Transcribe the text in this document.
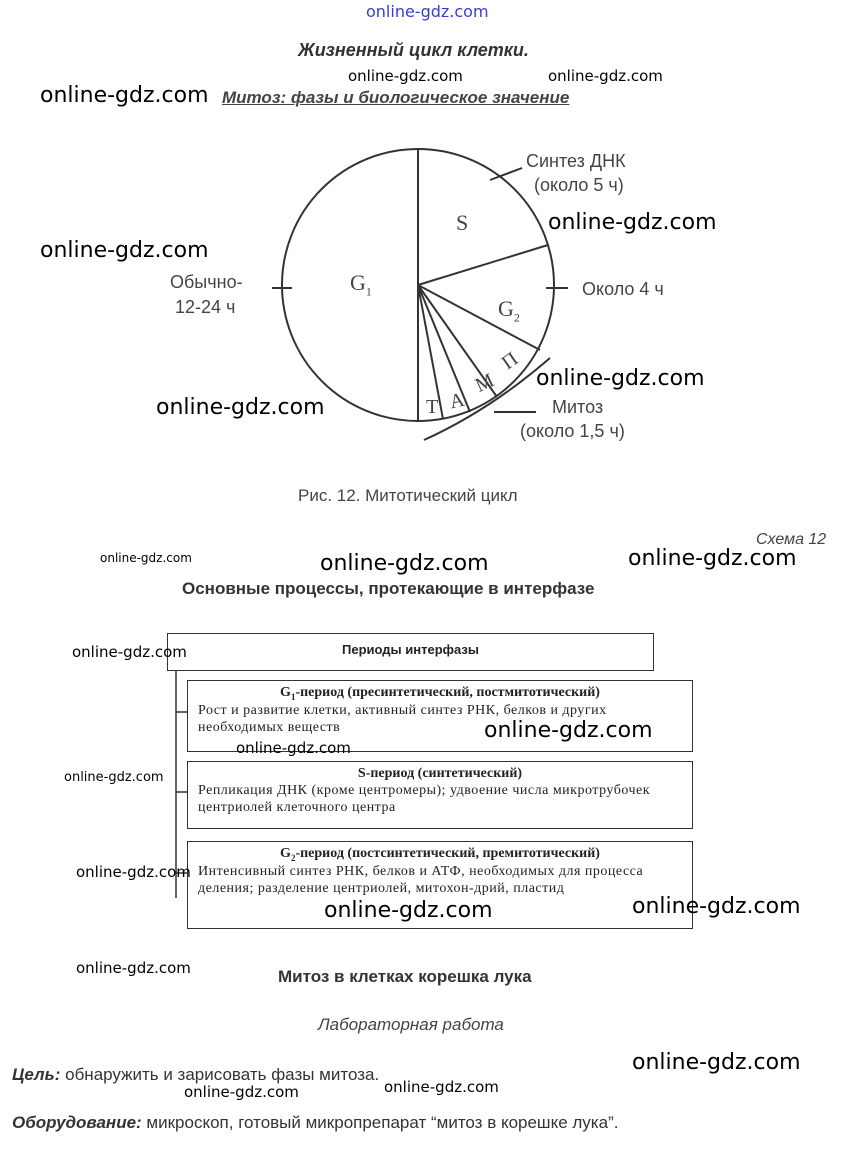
online-gdz.com
Жизненный цикл клетки.
Митоз: фазы и биологическое значение
S
$G_1$
$G_2$
П
М
А
Т
Синтез ДНК
(около 5 ч)
Около 4 ч
Обычно-
12-24 ч
Митоз
(около 1,5 ч)
Рис. 12. Митотический цикл
Схема 12
Основные процессы, протекающие в интерфазе
Периоды интерфазы
$G_1$-период (пресинтетический, постмитотический)
Рост и развитие клетки, активный синтез РНК, белков и других необходимых веществ
S-период (синтетический)
Репликация ДНК (кроме центромеры); удвоение числа микротрубочек центриолей клеточного центра
$G_2$-период (постсинтетический, премитотический)
Интенсивный синтез РНК, белков и АТФ, необходимых для процесса деления; разделение центриолей, митохон-дрий, пластид
Митоз в клетках корешка лука
Лабораторная работа
Цель: обнаружить и зарисовать фазы митоза.
Оборудование: микроскоп, готовый микропрепарат “митоз в корешке лука”.
online-gdz.com	online-gdz.com
online-gdz.com
online-gdz.com
online-gdz.com
online-gdz.com
online-gdz.com
online-gdz.com	online-gdz.com	online-gdz.com
online-gdz.com
online-gdz.com
online-gdz.com
online-gdz.com
online-gdz.com
online-gdz.com	online-gdz.com
online-gdz.com
online-gdz.com
online-gdz.com	online-gdz.com
